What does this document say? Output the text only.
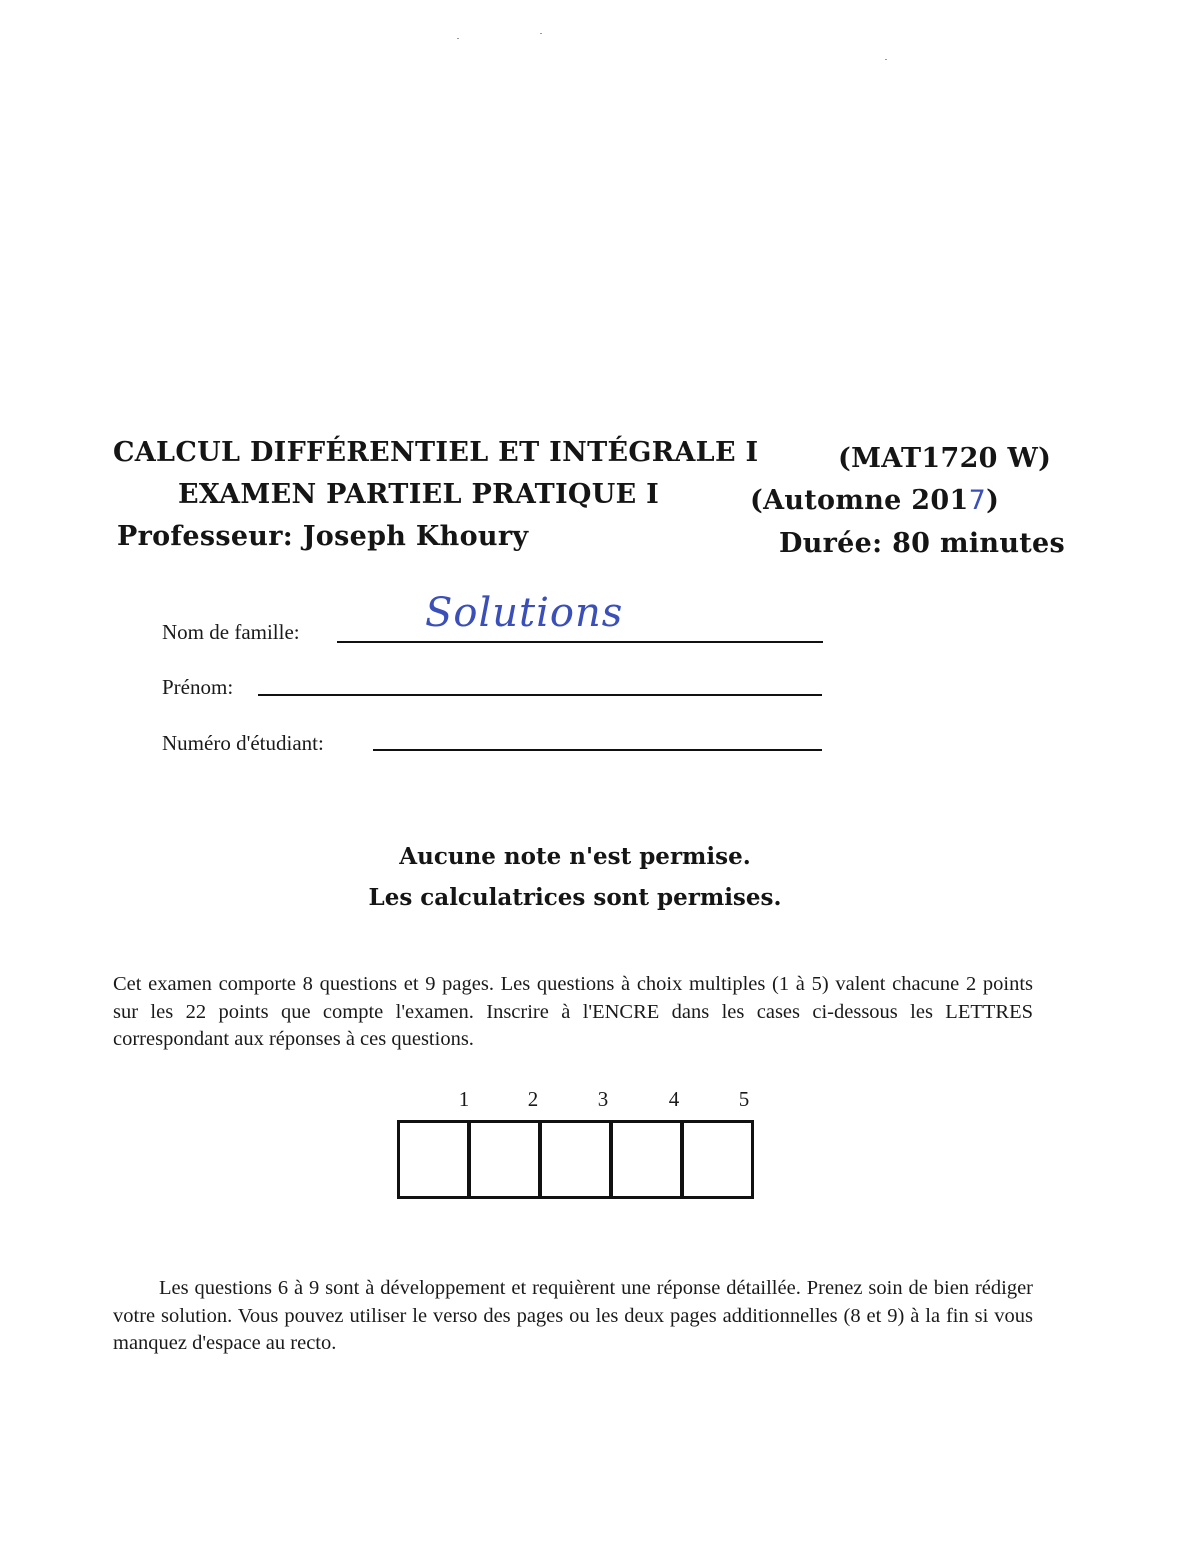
CALCUL DIFFÉRENTIEL ET INTÉGRALE I	(MAT1720 W)
EXAMEN PARTIEL PRATIQUE I	(Automne 2017)
Professeur: Joseph Khoury	Durée: 80 minutes
Nom de famille:	Solutions
Prénom:
Numéro d'étudiant:
Aucune note n'est permise.
Les calculatrices sont permises.
Cet examen comporte 8 questions et 9 pages. Les questions à choix multiples (1 à 5) valent chacune 2 points sur les 22 points que compte l'examen. Inscrire à l'ENCRE dans les cases ci-dessous les LETTRES correspondant aux réponses à ces questions.
1	2	3	4	5
Les questions 6 à 9 sont à développement et requièrent une réponse détaillée. Prenez soin de bien rédiger votre solution. Vous pouvez utiliser le verso des pages ou les deux pages additionnelles (8 et 9) à la fin si vous manquez d'espace au recto.
